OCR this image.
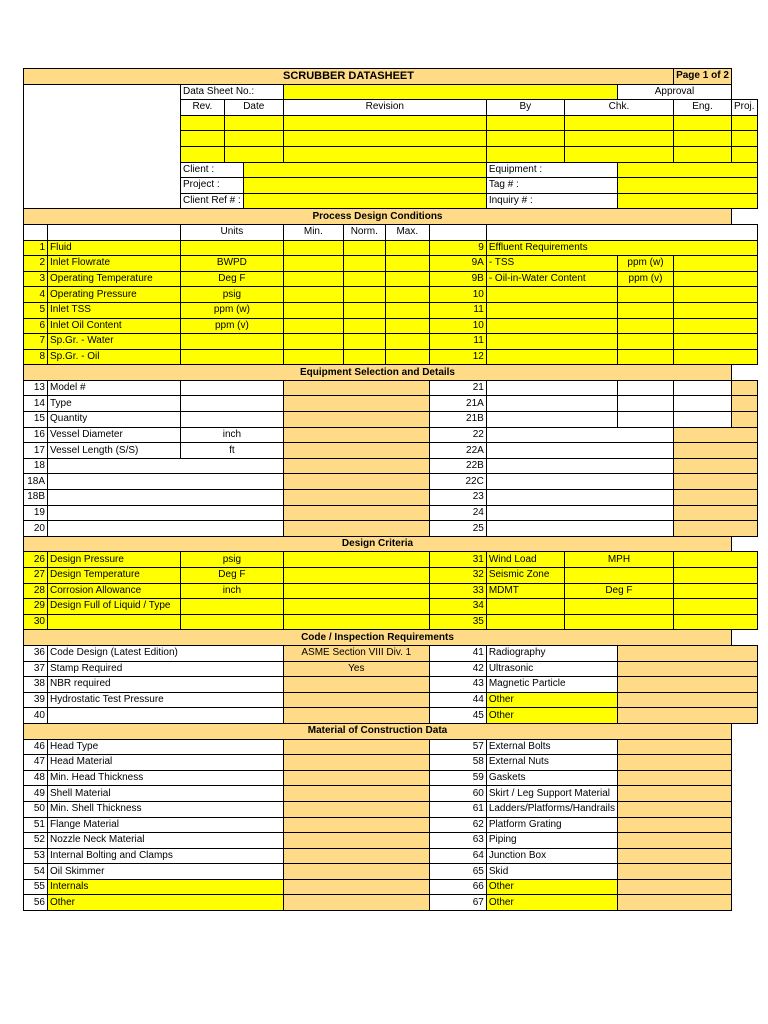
SCRUBBER DATASHEET												Page 1 of 2	
		Data Sheet No.:									Approval		
		Rev.	Date		Revision				By	Chk.		Eng.	Proj.

		Client :							Equipment :				
		Project :							Tag # :				
		Client Ref # :							Inquiry # :				
Process Design Conditions													
		Units			Min.	Norm.	Max.						
1	Fluid							9	Effluent Requirements				
2	Inlet Flowrate	BWPD						9A	- TSS		ppm (w)		
3	Operating Temperature	Deg F						9B	- Oil-in-Water Content		ppm (v)		
4	Operating Pressure	psig						10					
5	Inlet TSS	ppm (w)						11					
6	Inlet Oil Content	ppm (v)						10					
7	Sp.Gr. - Water							11					
8	Sp.Gr. - Oil							12					
Equipment Selection and Details													
13	Model #							21					
14	Type							21A					
15	Quantity							21B					
16	Vessel Diameter	inch						22					
17	Vessel Length (S/S)	ft						22A					
18								22B					
18A								22C					
18B								23					
19								24					
20								25					
Design Criteria													
26	Design Pressure	psig						31	Wind Load	MPH			
27	Design Temperature	Deg F						32	Seismic Zone				
28	Corrosion Allowance	inch						33	MDMT	Deg F			
29	Design Full of Liquid / Type							34					
30								35					
Code / Inspection Requirements													
36	Code Design (Latest Edition)				ASME Section VIII Div. 1			41	Radiography				
37	Stamp Required				Yes			42	Ultrasonic				
38	NBR required							43	Magnetic Particle				
39	Hydrostatic Test Pressure							44	Other				
40								45	Other				
Material of Construction Data													
46	Head Type							57	External Bolts				
47	Head Material							58	External Nuts				
48	Min. Head Thickness							59	Gaskets				
49	Shell Material							60	Skirt / Leg Support Material				
50	Min. Shell Thickness							61	Ladders/Platforms/Handrails				
51	Flange Material							62	Platform Grating				
52	Nozzle Neck Material							63	Piping				
53	Internal Bolting and Clamps							64	Junction Box				
54	Oil Skimmer							65	Skid				
55	Internals							66	Other				
56	Other							67	Other				
